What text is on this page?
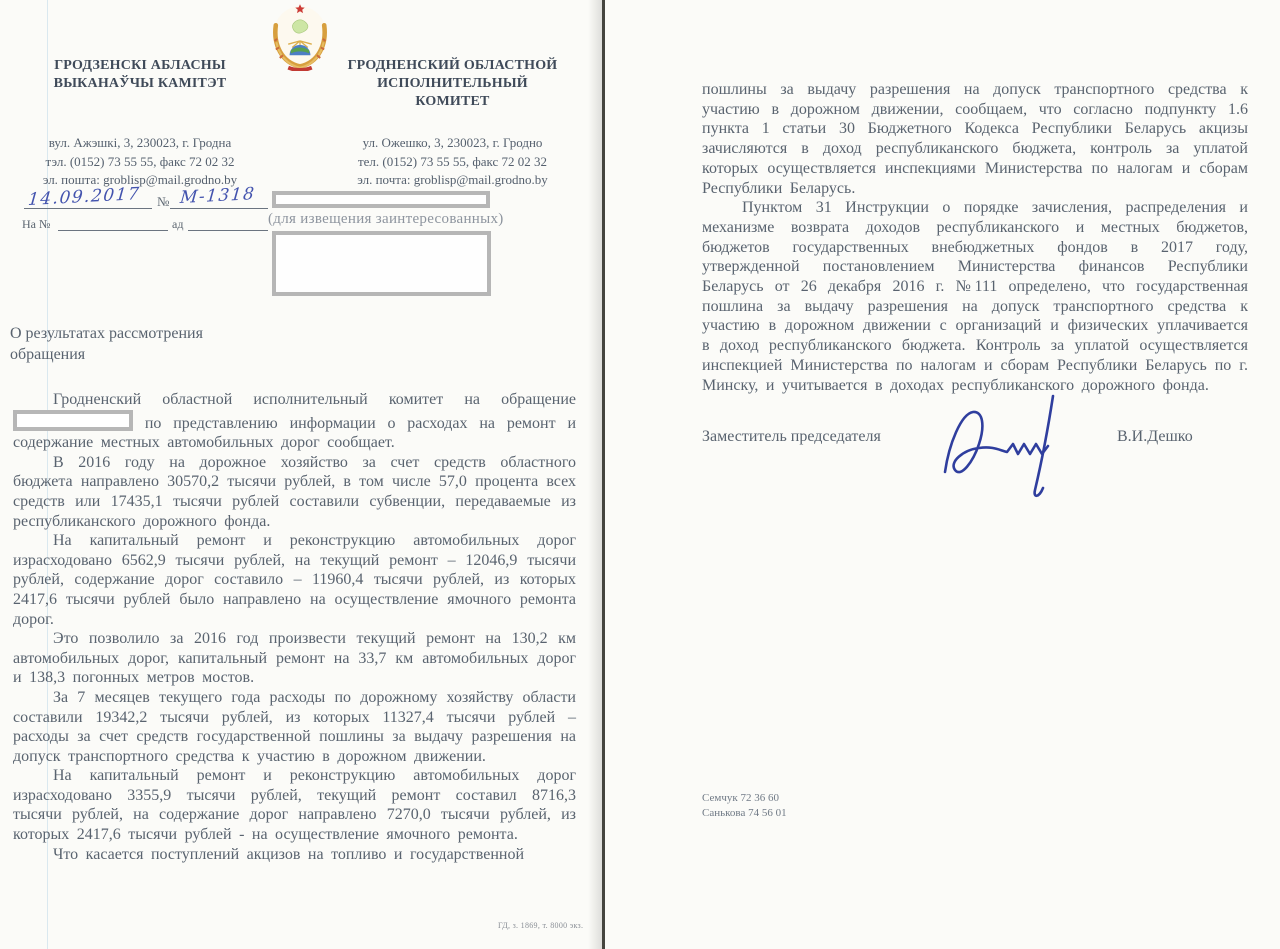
ГРОДЗЕНСКІ АБЛАСНЫ
ВЫКАНАЎЧЫ КАМІТЭТ
ГРОДНЕНСКИЙ ОБЛАСТНОЙ
ИСПОЛНИТЕЛЬНЫЙ КОМИТЕТ
вул. Ажэшкі, 3, 230023, г. Гродна
тэл. (0152) 73 55 55, факс 72 02 32
эл. пошта: groblisp@mail.grodno.by
ул. Ожешко, 3, 230023, г. Гродно
тел. (0152) 73 55 55, факс 72 02 32
эл. почта: groblisp@mail.grodno.by
14.09.2017 № М-1318
На №	ад	(для извещения заинтересованных)
О результатах рассмотрения
обращения

Гродненский областной исполнительный комитет на обращение  по представлению информации о расходах на ремонт и содержание местных автомобильных дорог сообщает.

В 2016 году на дорожное хозяйство за счет средств областного бюджета направлено 30570,2 тысячи рублей, в том числе 57,0 процента всех средств или 17435,1 тысячи рублей составили субвенции, передаваемые из республиканского дорожного фонда.

На капитальный ремонт и реконструкцию автомобильных дорог израсходовано 6562,9 тысячи рублей, на текущий ремонт – 12046,9 тысячи рублей, содержание дорог составило – 11960,4 тысячи рублей, из которых 2417,6 тысячи рублей было направлено на осуществление ямочного ремонта дорог.

Это позволило за 2016 год произвести текущий ремонт на 130,2 км автомобильных дорог, капитальный ремонт на 33,7 км автомобильных дорог и 138,3 погонных метров мостов.

За 7 месяцев текущего года расходы по дорожному хозяйству области составили 19342,2 тысячи рублей, из которых 11327,4 тысячи рублей – расходы за счет средств государственной пошлины за выдачу разрешения на допуск транспортного средства к участию в дорожном движении.

На капитальный ремонт и реконструкцию автомобильных дорог израсходовано 3355,9 тысячи рублей, текущий ремонт составил 8716,3 тысячи рублей, на содержание дорог направлено 7270,0 тысячи рублей, из которых 2417,6 тысячи рублей - на осуществление ямочного ремонта.

Что касается поступлений акцизов на топливо и государственной

ГД, з. 1869, т. 8000 экз.

пошлины за выдачу разрешения на допуск транспортного средства к участию в дорожном движении, сообщаем, что согласно подпункту 1.6 пункта 1 статьи 30 Бюджетного Кодекса Республики Беларусь акцизы зачисляются в доход республиканского бюджета, контроль за уплатой которых осуществляется инспекциями Министерства по налогам и сборам Республики Беларусь.

Пунктом 31 Инструкции о порядке зачисления, распределения и механизме возврата доходов республиканского и местных бюджетов, бюджетов государственных внебюджетных фондов в 2017 году, утвержденной постановлением Министерства финансов Республики Беларусь от 26 декабря 2016 г. №111 определено, что государственная пошлина за выдачу разрешения на допуск транспортного средства к участию в дорожном движении с организаций и физических уплачивается в доход республиканского бюджета. Контроль за уплатой осуществляется инспекцией Министерства по налогам и сборам Республики Беларусь по г. Минску, и учитывается в доходах республиканского дорожного фонда.

Заместитель председателя	В.И.Дешко
Семчук 72 36 60
Санькова 74 56 01
